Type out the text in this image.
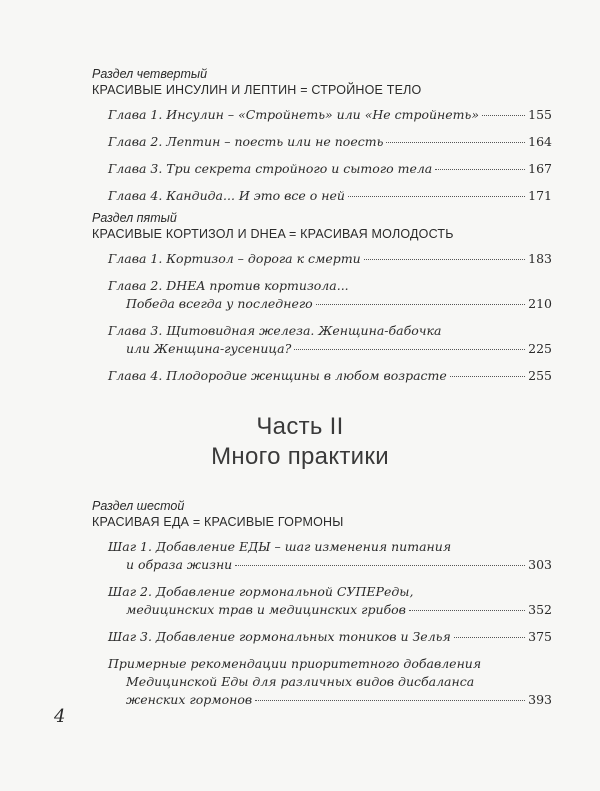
Раздел четвертый

КРАСИВЫЕ ИНСУЛИН И ЛЕПТИН = СТРОЙНОЕ ТЕЛО

Глава 1. Инсулин – «Стройнеть» или «Не стройнеть»	155
Глава 2. Лептин – поесть или не поесть	164
Глава 3. Три секрета стройного и сытого тела	167
Глава 4. Кандида... И это все о ней	171

Раздел пятый

КРАСИВЫЕ КОРТИЗОЛ И DHEA = КРАСИВАЯ МОЛОДОСТЬ

Глава 1. Кортизол – дорога к смерти	183
Глава 2. DHEA против кортизола...
Победа всегда у последнего	210
Глава 3. Щитовидная железа. Женщина-бабочка
или Женщина-гусеница?	225
Глава 4. Плодородие женщины в любом возрасте	255
Часть II
Много практики

Раздел шестой

КРАСИВАЯ ЕДА = КРАСИВЫЕ ГОРМОНЫ

Шаг 1. Добавление ЕДЫ – шаг изменения питания
и образа жизни	303
Шаг 2. Добавление гормональной СУПЕРеды,
медицинских трав и медицинских грибов	352
Шаг 3. Добавление гормональных тоников и Зелья	375
Примерные рекомендации приоритетного добавления
Медицинской Еды для различных видов дисбаланса
женских гормонов	393
4
